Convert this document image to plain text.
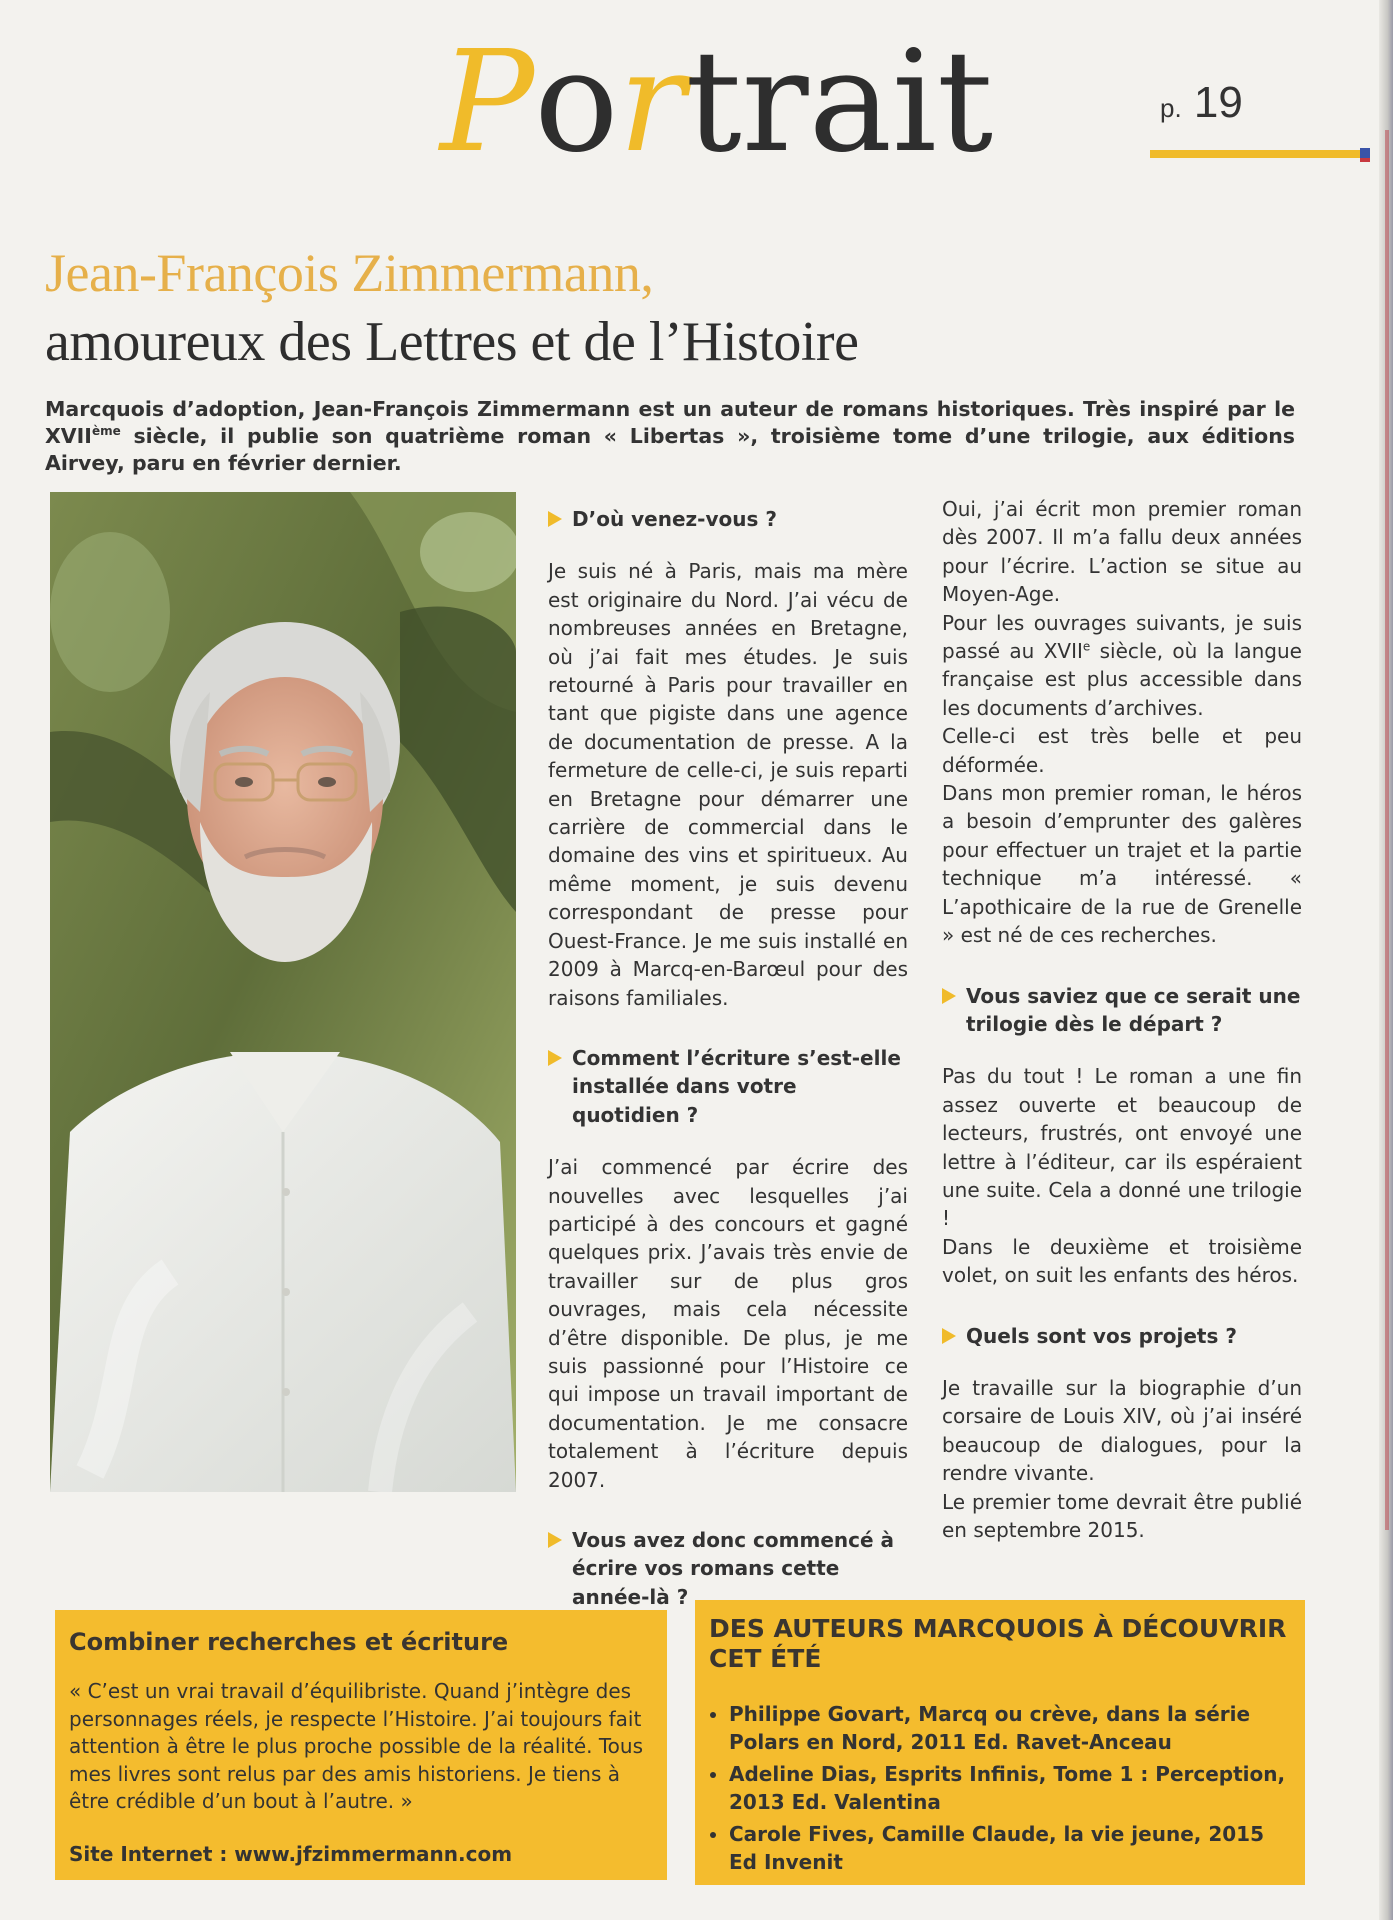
Portrait	p. 19
Jean-François Zimmermann,
amoureux des Lettres et de l’Histoire
Marcquois d’adoption, Jean-François Zimmermann est un auteur de romans historiques. Très inspiré par le XVIIème siècle, il publie son quatrième roman « Libertas », troisième tome d’une trilogie, aux éditions Airvey, paru en février dernier.
D’où venez-vous ?

Je suis né à Paris, mais ma mère est originaire du Nord. J’ai vécu de nombreuses années en Bretagne, où j’ai fait mes études. Je suis retourné à Paris pour travailler en tant que pigiste dans une agence de documentation de presse. A la fermeture de celle-ci, je suis reparti en Bretagne pour démarrer une carrière de commercial dans le domaine des vins et spiritueux. Au même moment, je suis devenu correspondant de presse pour Ouest-France. Je me suis installé en 2009 à Marcq-en-Barœul pour des raisons familiales.

Comment l’écriture s’est-elle installée dans votre quotidien ?

J’ai commencé par écrire des nouvelles avec lesquelles j’ai participé à des concours et gagné quelques prix. J’avais très envie de travailler sur de plus gros ouvrages, mais cela nécessite d’être disponible. De plus, je me suis passionné pour l’Histoire ce qui impose un travail important de documentation. Je me consacre totalement à l’écriture depuis 2007.

Vous avez donc commencé à écrire vos romans cette année-là ?

Oui, j’ai écrit mon premier roman dès 2007. Il m’a fallu deux années pour l’écrire. L’action se situe au Moyen-Age.

Pour les ouvrages suivants, je suis passé au XVIIe siècle, où la langue française est plus accessible dans les documents d’archives.

Celle-ci est très belle et peu déformée.

Dans mon premier roman, le héros a besoin d’emprunter des galères pour effectuer un trajet et la partie technique m’a intéressé. « L’apothicaire de la rue de Grenelle » est né de ces recherches.

Vous saviez que ce serait une trilogie dès le départ ?

Pas du tout ! Le roman a une fin assez ouverte et beaucoup de lecteurs, frustrés, ont envoyé une lettre à l’éditeur, car ils espéraient une suite. Cela a donné une trilogie !

Dans le deuxième et troisième volet, on suit les enfants des héros.

Quels sont vos projets ?

Je travaille sur la biographie d’un corsaire de Louis XIV, où j’ai inséré beaucoup de dialogues, pour la rendre vivante.

Le premier tome devrait être publié en septembre 2015.

Combiner recherches et écriture
« C’est un vrai travail d’équilibriste. Quand j’intègre des personnages réels, je respecte l’Histoire. J’ai toujours fait attention à être le plus proche possible de la réalité. Tous mes livres sont relus par des amis historiens. Je tiens à être crédible d’un bout à l’autre. »
Site Internet : www.jfzimmermann.com
DES AUTEURS MARCQUOIS À DÉCOUVRIR CET ÉTÉ
• Philippe Govart, Marcq ou crève, dans la série Polars en Nord, 2011 Ed. Ravet-Anceau
• Adeline Dias, Esprits Infinis, Tome 1 : Perception, 2013 Ed. Valentina
• Carole Fives, Camille Claude, la vie jeune, 2015 Ed Invenit
